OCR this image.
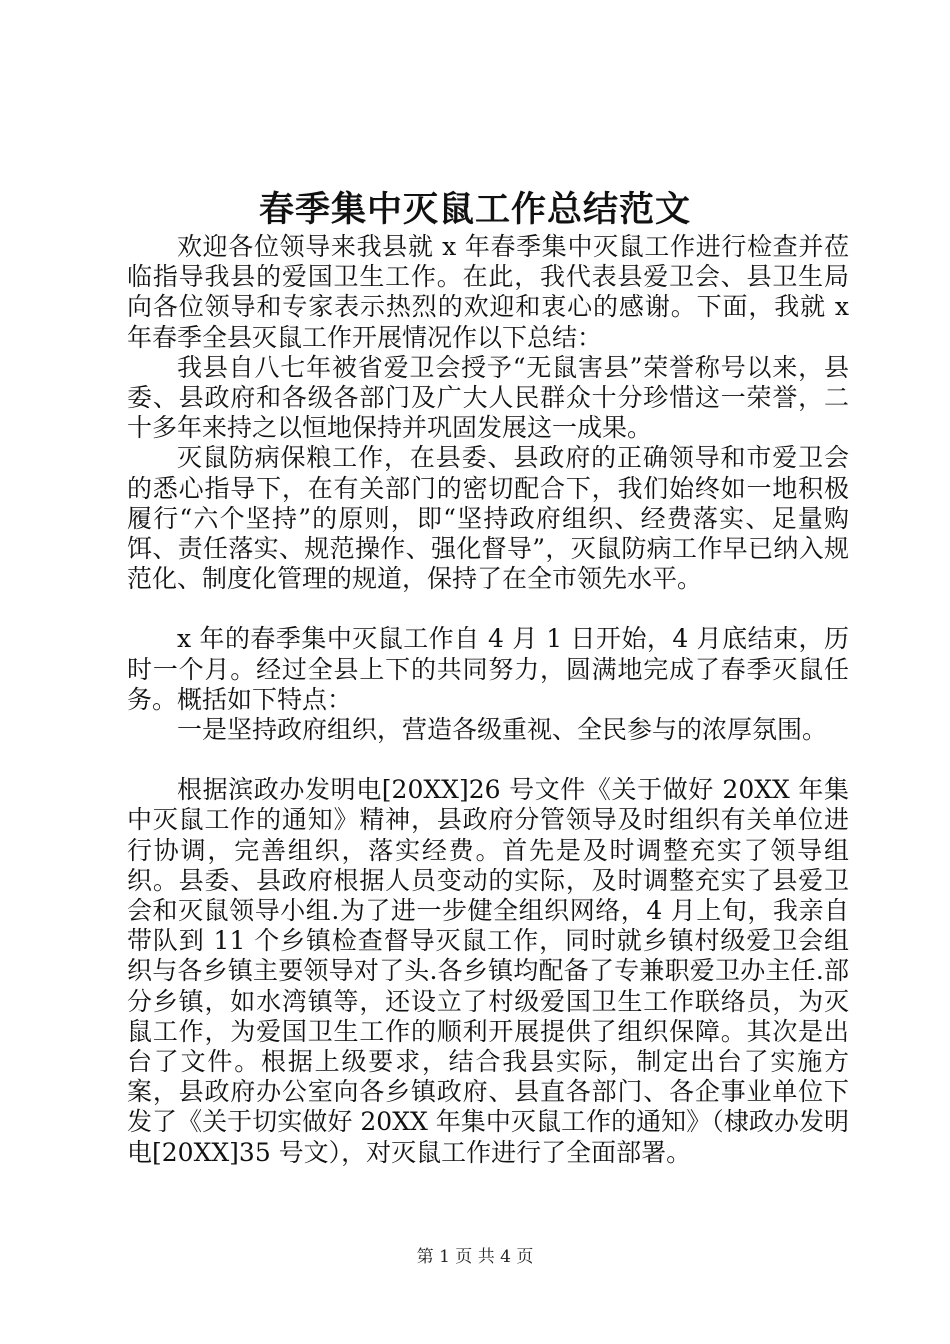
春季集中灭鼠工作总结范文

欢迎各位领导来我县就 x 年春季集中灭鼠工作进行检查并莅临指导我县的爱国卫生工作。在此，我代表县爱卫会、县卫生局向各位领导和专家表示热烈的欢迎和衷心的感谢。下面，我就 x 年春季全县灭鼠工作开展情况作以下总结：

我县自八七年被省爱卫会授予“无鼠害县”荣誉称号以来，县委、县政府和各级各部门及广大人民群众十分珍惜这一荣誉，二十多年来持之以恒地保持并巩固发展这一成果。

灭鼠防病保粮工作，在县委、县政府的正确领导和市爱卫会的悉心指导下，在有关部门的密切配合下，我们始终如一地积极履行“六个坚持”的原则，即“坚持政府组织、经费落实、足量购饵、责任落实、规范操作、强化督导”，灭鼠防病工作早已纳入规范化、制度化管理的规道，保持了在全市领先水平。

x 年的春季集中灭鼠工作自 4 月 1 日开始，4 月底结束，历时一个月。经过全县上下的共同努力，圆满地完成了春季灭鼠任务。概括如下特点：

一是坚持政府组织，营造各级重视、全民参与的浓厚氛围。

根据滨政办发明电[20XX]26 号文件《关于做好 20XX 年集中灭鼠工作的通知》精神，县政府分管领导及时组织有关单位进行协调，完善组织，落实经费。首先是及时调整充实了领导组织。县委、县政府根据人员变动的实际，及时调整充实了县爱卫会和灭鼠领导小组.为了进一步健全组织网络，4 月上旬，我亲自带队到 11 个乡镇检查督导灭鼠工作，同时就乡镇村级爱卫会组织与各乡镇主要领导对了头.各乡镇均配备了专兼职爱卫办主任.部分乡镇，如水湾镇等，还设立了村级爱国卫生工作联络员，为灭鼠工作，为爱国卫生工作的顺利开展提供了组织保障。其次是出台了文件。根据上级要求，结合我县实际，制定出台了实施方案，县政府办公室向各乡镇政府、县直各部门、各企事业单位下发了《关于切实做好 20XX 年集中灭鼠工作的通知》（棣政办发明电[20XX]35 号文），对灭鼠工作进行了全面部署。

第 1 页 共 4 页
